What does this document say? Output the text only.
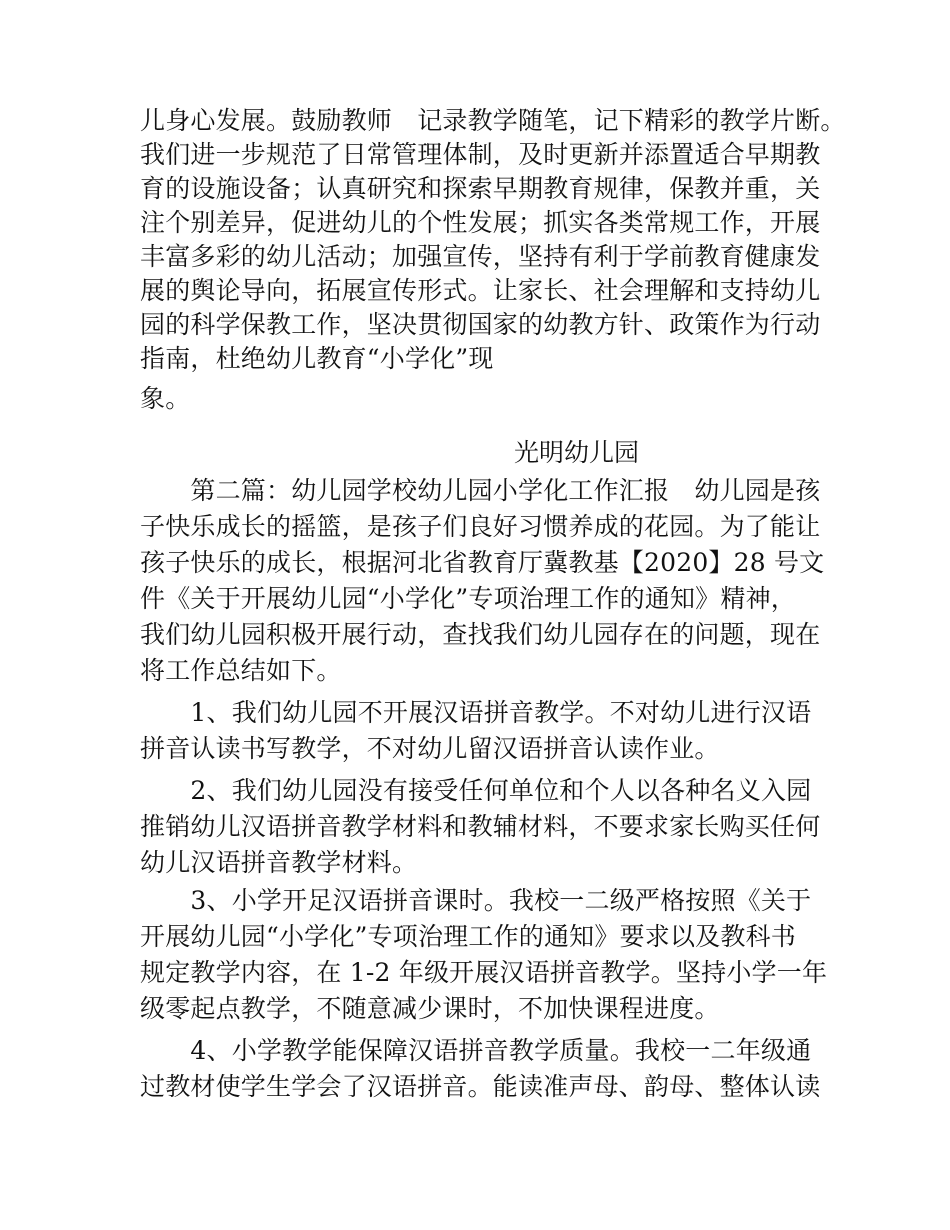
儿身心发展。鼓励教师　记录教学随笔，记下精彩的教学片断。
我们进一步规范了日常管理体制，及时更新并添置适合早期教
育的设施设备；认真研究和探索早期教育规律，保教并重，关
注个别差异，促进幼儿的个性发展；抓实各类常规工作，开展
丰富多彩的幼儿活动；加强宣传，坚持有利于学前教育健康发
展的舆论导向，拓展宣传形式。让家长、社会理解和支持幼儿
园的科学保教工作，坚决贯彻国家的幼教方针、政策作为行动
指南，杜绝幼儿教育“小学化”现
象。
光明幼儿园
　　第二篇：幼儿园学校幼儿园小学化工作汇报　幼儿园是孩
子快乐成长的摇篮，是孩子们良好习惯养成的花园。为了能让
孩子快乐的成长，根据河北省教育厅冀教基【2020】28 号文
件《关于开展幼儿园“小学化”专项治理工作的通知》精神，
我们幼儿园积极开展行动，查找我们幼儿园存在的问题，现在
将工作总结如下。
　　1、我们幼儿园不开展汉语拼音教学。不对幼儿进行汉语
拼音认读书写教学，不对幼儿留汉语拼音认读作业。
　　2、我们幼儿园没有接受任何单位和个人以各种名义入园
推销幼儿汉语拼音教学材料和教辅材料，不要求家长购买任何
幼儿汉语拼音教学材料。
　　3、小学开足汉语拼音课时。我校一二级严格按照《关于
开展幼儿园“小学化”专项治理工作的通知》要求以及教科书
规定教学内容，在 1-2 年级开展汉语拼音教学。坚持小学一年
级零起点教学，不随意减少课时，不加快课程进度。
　　4、小学教学能保障汉语拼音教学质量。我校一二年级通
过教材使学生学会了汉语拼音。能读准声母、韵母、整体认读
